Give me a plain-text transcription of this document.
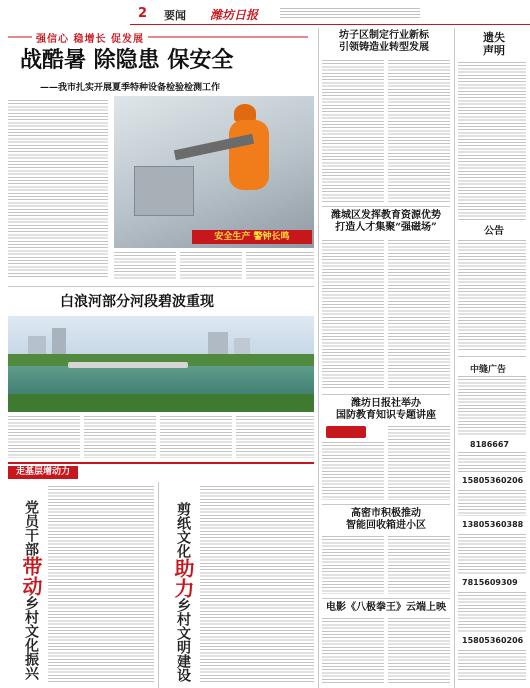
2 要闻 潍坊日报
强信心 稳增长 促发展
战酷暑 除隐患 保安全
——我市扎实开展夏季特种设备检验检测工作
安全生产 警钟长鸣
坊子区制定行业新标
引领铸造业转型发展
潍城区发挥教育资源优势
打造人才集聚“强磁场”
潍坊日报社举办
国防教育知识专题讲座
高密市积极推动
智能回收箱进小区
电影《八极拳王》云端上映
遗失
声明
公告
中缝广告
8186667
15805360206
13805360388
7815609309
15805360206
白浪河部分河段碧波重现
走基层增动力
党员干部带动乡村文化振兴
剪纸文化助力乡村文明建设
